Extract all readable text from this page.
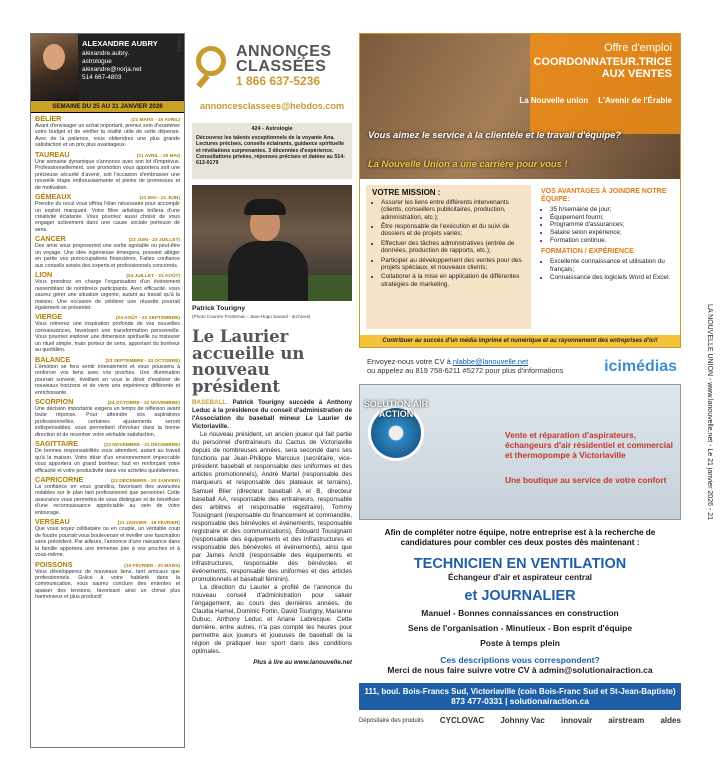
ALEXANDRE AUBRY
alexandre.aubry.
astrologue
alexandre@norja.net
514 667-4803
SEMAINE DU 25 AU 31 JANVIER 2026
BÉLIER	(21 MARS - 20 AVRIL)
Avant d'envisager un achat important, prenez soin d'examiner votre budget et de vérifier la réalité utile de cette dépense. Avec de la patience, vous obtiendrez une plus grande satisfaction et un prix plus avantageux.
TAUREAU	(21 AVRIL - 20 MAI)
Une semaine dynamique s'annonce avec son lot d'imprévus. Professionnellement, une promotion vous apportera soit une précieuse sécurité d'avenir, soit l'occasion d'embrasser une nouvelle étape enthousiasmante et pleine de promesses et de motivation.
GÉMEAUX	(21 MAI - 21 JUIN)
Prendre du recul vous offrira l'élan nécessaire pour accomplir un exploit marquant. Votre fibre artistique brillera d'une créativité éclatante. Vous pourriez aussi choisir de vous engager activement dans une cause sociale porteuse de sens.
CANCER	(22 JUIN - 23 JUILLET)
Des amis vous proposeront une sortie agréable ou peut-être un voyage. Une idée ingénieuse émergera, pouvant alléger en partie vos préoccupations financières. Faites confiance aux conseils avisés des experts et professionnels concernés.
LION	(24 JUILLET - 23 AOÛT)
Vous prendrez en charge l'organisation d'un événement rassemblant de nombreux participants. Avec efficacité, vous saurez gérer une situation urgente, autant au travail qu'à la maison. Une occasion de célébrer une réussite pourrait également se présenter.
VIERGE	(24 AOÛT - 22 SEPTEMBRE)
Vous retirerez une inspiration profonde de vos nouvelles connaissances, favorisant une transformation personnelle. Vous pourriez explorer une dimension spirituelle ou instaurer un rituel simple, mais porteur de sens, apportant du bonheur au quotidien.
BALANCE	(23 SEPTEMBRE - 23 OCTOBRE)
L'émotion se fera sentir intensément et vous poussera à renforcer vos liens avec vos proches. Une illumination pourrait survenir, éveillant en vous le désir d'explorer de nouveaux horizons et de vivre une expérience différente et enrichissante.
SCORPION	(24 OCTOBRE - 22 NOVEMBRE)
Une décision importante exigera un temps de réflexion avant toute réponse. Pour atteindre vos aspirations professionnelles, certaines ajustements seront indispensables; vous permettant d'évoluer dans la bonne direction et de recentrer votre véritable satisfaction.
SAGITTAIRE	(23 NOVEMBRE - 21 DÉCEMBRE)
De bonnes responsabilités vous attendent, autant au travail qu'à la maison. Votre désir d'un environnement impeccable vous apportera un grand bonheur, tout en renforçant votre efficacité et votre productivité dans vos activités quotidiennes.
CAPRICORNE	(22 DÉCEMBRE - 20 JANVIER)
La confiance en vous grandira, favorisant des avancées notables sur le plan tant professionnel que personnel. Cette assurance vous permettra de vous distinguer et de bénéficier d'une reconnaissance appréciable au sein de votre entourage.
VERSEAU	(21 JANVIER - 18 FÉVRIER)
Que vous soyez célibataire ou en couple, un véritable coup de foudre pourrait vous bouleverser et éveiller une fascination sans précédent. Par ailleurs, l'annonce d'une naissance dans la famille apportera une immense joie à vos proches et à vous-même.
POISSONS	(19 FÉVRIER - 20 MARS)
Vous développerez de nouveaux liens, tant amicaux que professionnels. Grâce à votre habileté dans la communication, vous saurez conclure des ententes et apaiser des tensions, favorisant ainsi un climat plus harmonieux et plus productif.
4-2625-1	ANNONÇES
CLASSÉES
1 866 637-5236
annoncesclassees@hebdos.com
424 - Astrologie
Découvrez les talents exceptionnels de la voyante Ana. Lectures précises, conseils éclairants, guidance spirituelle et révélations surprenantes. 3 décennies d'expérience. Consultations privées, réponses précises et datées au 514-613-0179
Patrick Tourigny
(Photo Courrier Frontenac - Jean-Hugo Savard - archives)
Le Laurier accueille un nouveau président

BASEBALL. Patrick Tourigny succède à Anthony Leduc à la présidence du conseil d'administration de l'Association du baseball mineur Le Laurier de Victoriaville.

Le nouveau président, un ancien joueur qui fait partie du personnel d'entraîneurs du Cactus de Victoriaville depuis de nombreuses années, sera secondé dans ses fonctions par Jean-Philippe Marcoux (secrétaire, vice-président baseball et responsable des uniformes et des articles promotionnels), André Martel (responsable des marqueurs et responsable des plateaux et terrains), Samuel Blier (directeur baseball A et B, directeur baseball AA, responsable des entraineurs, responsable des arbitres et responsable registraire), Tommy Tousignant (responsable du financement et commandite, responsable des bénévoles et événements, responsable registraire et des communications), Édouard Tousignant (responsable des équipements et des infrastructures et responsable des bénévoles et événements), ainsi que par James Anctil (responsable des équipements et infrastructures, responsable des bénévoles et événements, responsable des uniformes et des articles promotionnels et baseball féminin).

La direction du Laurier a profité de l'annonce du nouveau conseil d'administration pour saluer l'engagement, au cours des dernières années, de Claudia Hamel, Dominic Fortin, David Tourigny, Marianne Dubuc, Anthony Leduc et Ariane Labrecque. Cette dernière, entre autres, n'a pas compté les heures pour permettre aux joueurs et joueuses de baseball de la région de pratiquer leur sport dans des conditions optimales.

Plus à lire au www.lanouvelle.net
Offre d'emploi
COORDONNATEUR.TRICE AUX VENTES
La Nouvelle union L'Avenir de l'Érable
Vous aimez le service à la clientèle et le travail d'équipe?
La Nouvelle Union a une carrière pour vous !
VOTRE MISSION :
• Assurer les liens entre différents intervenants (clients, conseillers publicitaires, production, administration, etc.);
• Être responsable de l'exécution et du suivi de dossiers et de projets variés;
• Effectuer des tâches administratives (entrée de données, production de rapports, etc.);
• Participer au développement des ventes pour des projets spéciaux, et nouveaux clients;
• Collaborer à la mise en application de différentes stratégies de marketing.
VOS AVANTAGES À JOINDRE NOTRE ÉQUIPE:
• 35 h/semaine de jour;
• Équipement fourni;
• Programme d'assurances;
• Salaire selon expérience;
• Formation continue.
FORMATION / EXPÉRIENCE
• Excellente connaissance et utilisation du français;
• Connaissance des logiciels Word et Excel.
Contribuer au succès d'un média imprimé et numérique et au rayonnement des entreprises d'ici!
Envoyez-nous votre CV à nlabbe@lanouvelle.net
ou appelez au 819 758-6211 #5272 pour plus d'informations	icimédias
SOLUTION AIR ACTION
Vente et réparation d'aspirateurs, échangeurs d'air résidentiel et commercial et thermopompe à Victoriaville
Une boutique au service de votre confort
Afin de compléter notre équipe, notre entreprise est à la recherche de candidatures pour combler ces deux postes dès maintenant :
TECHNICIEN EN VENTILATION
Échangeur d'air et aspirateur central
et JOURNALIER
Manuel - Bonnes connaissances en construction
Sens de l'organisation - Minutieux - Bon esprit d'équipe
Poste à temps plein
Ces descriptions vous correspondent?
Merci de nous faire suivre votre CV à admin@solutionairaction.ca
111, boul. Bois-Francs Sud, Victoriaville (coin Bois-Franc Sud et St-Jean-Baptiste)
873 477-0331 | solutionairaction.ca
Dépositaire des produits CYCLOVAC Johnny Vac innovair airstream aldes
LA NOUVELLE UNION - www.lanouvelle.net - Le 21 janvier 2026 - 21
